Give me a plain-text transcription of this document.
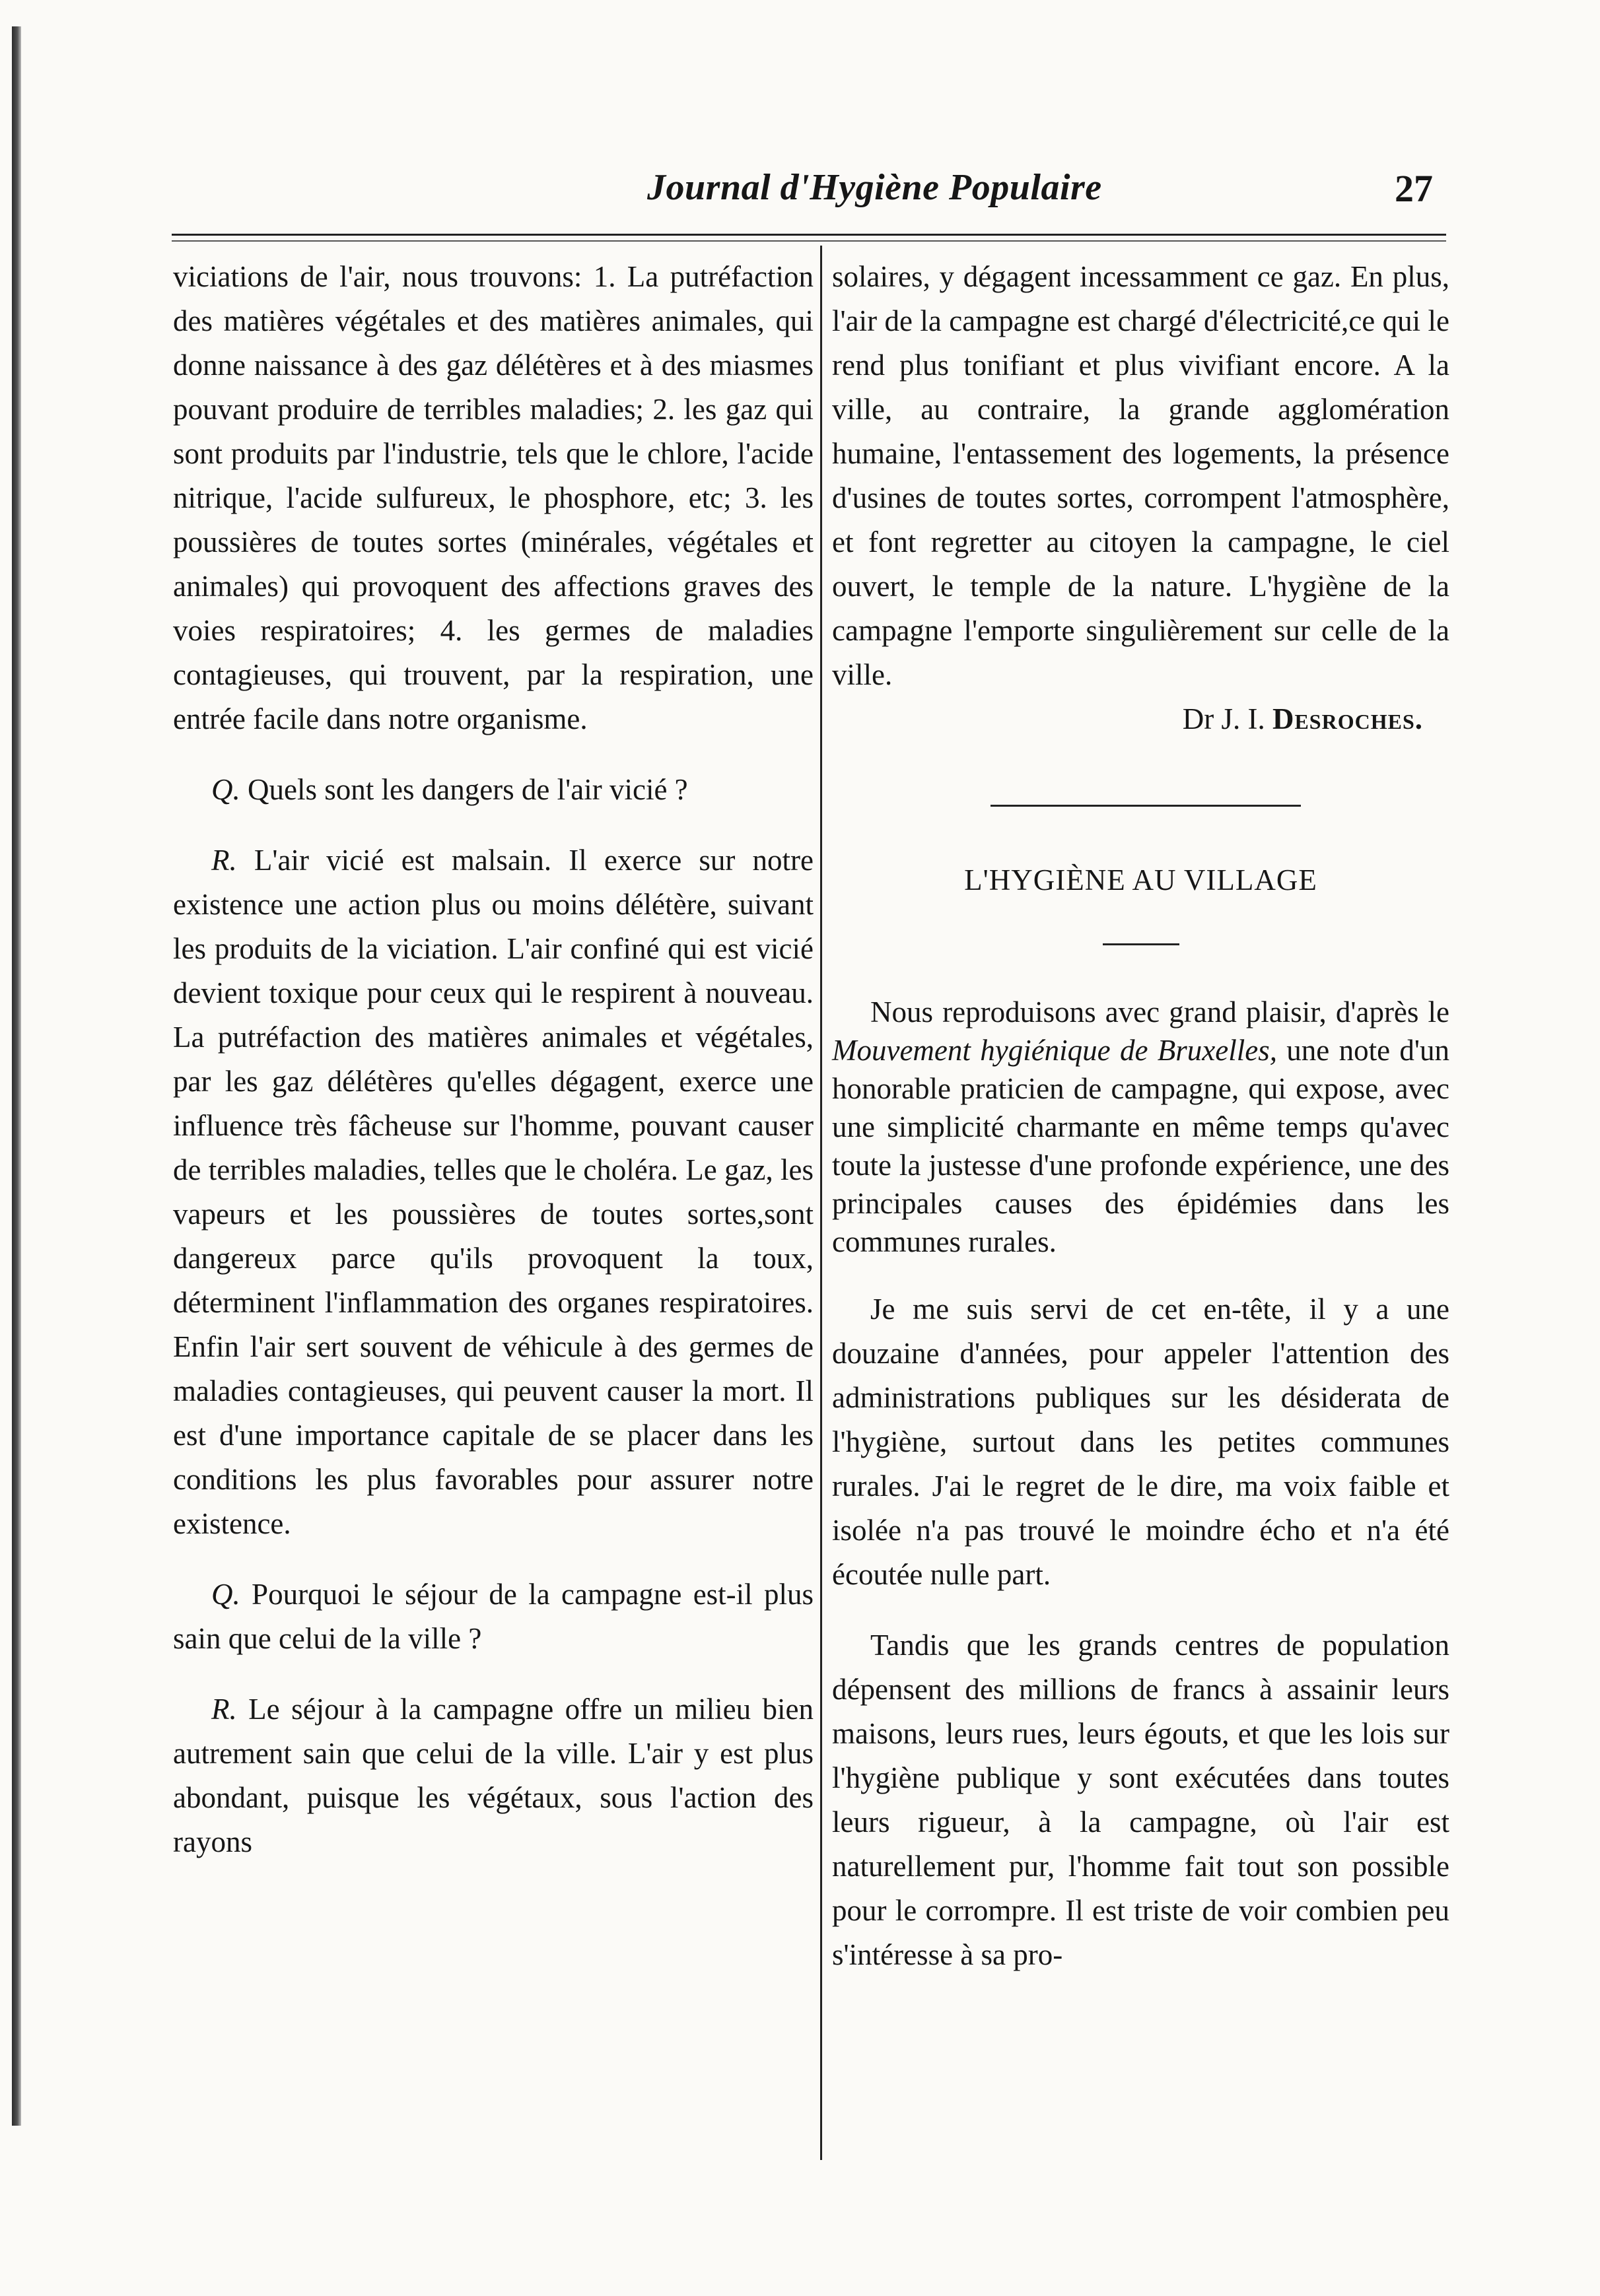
Journal d'Hygiène Populaire	27

viciations de l'air, nous trouvons: 1. La putréfaction des matières végétales et des matières animales, qui donne naissance à des gaz délétères et à des miasmes pouvant produire de terribles maladies; 2. les gaz qui sont produits par l'industrie, tels que le chlore, l'acide nitrique, l'acide sulfureux, le phosphore, etc; 3. les poussières de toutes sortes (minérales, végétales et animales) qui provoquent des affections graves des voies respiratoires; 4. les germes de maladies contagieuses, qui trouvent, par la respiration, une entrée facile dans notre organisme.

Q. Quels sont les dangers de l'air vicié ?

R. L'air vicié est malsain. Il exerce sur notre existence une action plus ou moins délétère, suivant les produits de la viciation. L'air confiné qui est vicié devient toxique pour ceux qui le respirent à nouveau. La putréfaction des matières animales et végétales, par les gaz délétères qu'elles dégagent, exerce une influence très fâcheuse sur l'homme, pouvant causer de terribles maladies, telles que le choléra. Le gaz, les vapeurs et les poussières de toutes sortes,sont dangereux parce qu'ils provoquent la toux, déterminent l'inflammation des organes respiratoires. Enfin l'air sert souvent de véhicule à des germes de maladies contagieuses, qui peuvent causer la mort. Il est d'une importance capitale de se placer dans les conditions les plus favorables pour assurer notre existence.

Q. Pourquoi le séjour de la campagne est-il plus sain que celui de la ville ?

R. Le séjour à la campagne offre un milieu bien autrement sain que celui de la ville. L'air y est plus abondant, puisque les végétaux, sous l'action des rayons

solaires, y dégagent incessamment ce gaz. En plus, l'air de la campagne est chargé d'électricité,ce qui le rend plus tonifiant et plus vivifiant encore. A la ville, au contraire, la grande agglomération humaine, l'entassement des logements, la présence d'usines de toutes sortes, corrompent l'atmosphère, et font regretter au citoyen la campagne, le ciel ouvert, le temple de la nature. L'hygiène de la campagne l'emporte singulièrement sur celle de la ville.

Dr J. I. Desroches.

L'HYGIÈNE AU VILLAGE

Nous reproduisons avec grand plaisir, d'après le Mouvement hygiénique de Bruxelles, une note d'un honorable praticien de campagne, qui expose, avec une simplicité charmante en même temps qu'avec toute la justesse d'une profonde expérience, une des principales causes des épidémies dans les communes rurales.

Je me suis servi de cet en-tête, il y a une douzaine d'années, pour appeler l'attention des administrations publiques sur les désiderata de l'hygiène, surtout dans les petites communes rurales. J'ai le regret de le dire, ma voix faible et isolée n'a pas trouvé le moindre écho et n'a été écoutée nulle part.

Tandis que les grands centres de population dépensent des millions de francs à assainir leurs maisons, leurs rues, leurs égouts, et que les lois sur l'hygiène publique y sont exécutées dans toutes leurs rigueur, à la campagne, où l'air est naturellement pur, l'homme fait tout son possible pour le corrompre. Il est triste de voir combien peu s'intéresse à sa pro-
